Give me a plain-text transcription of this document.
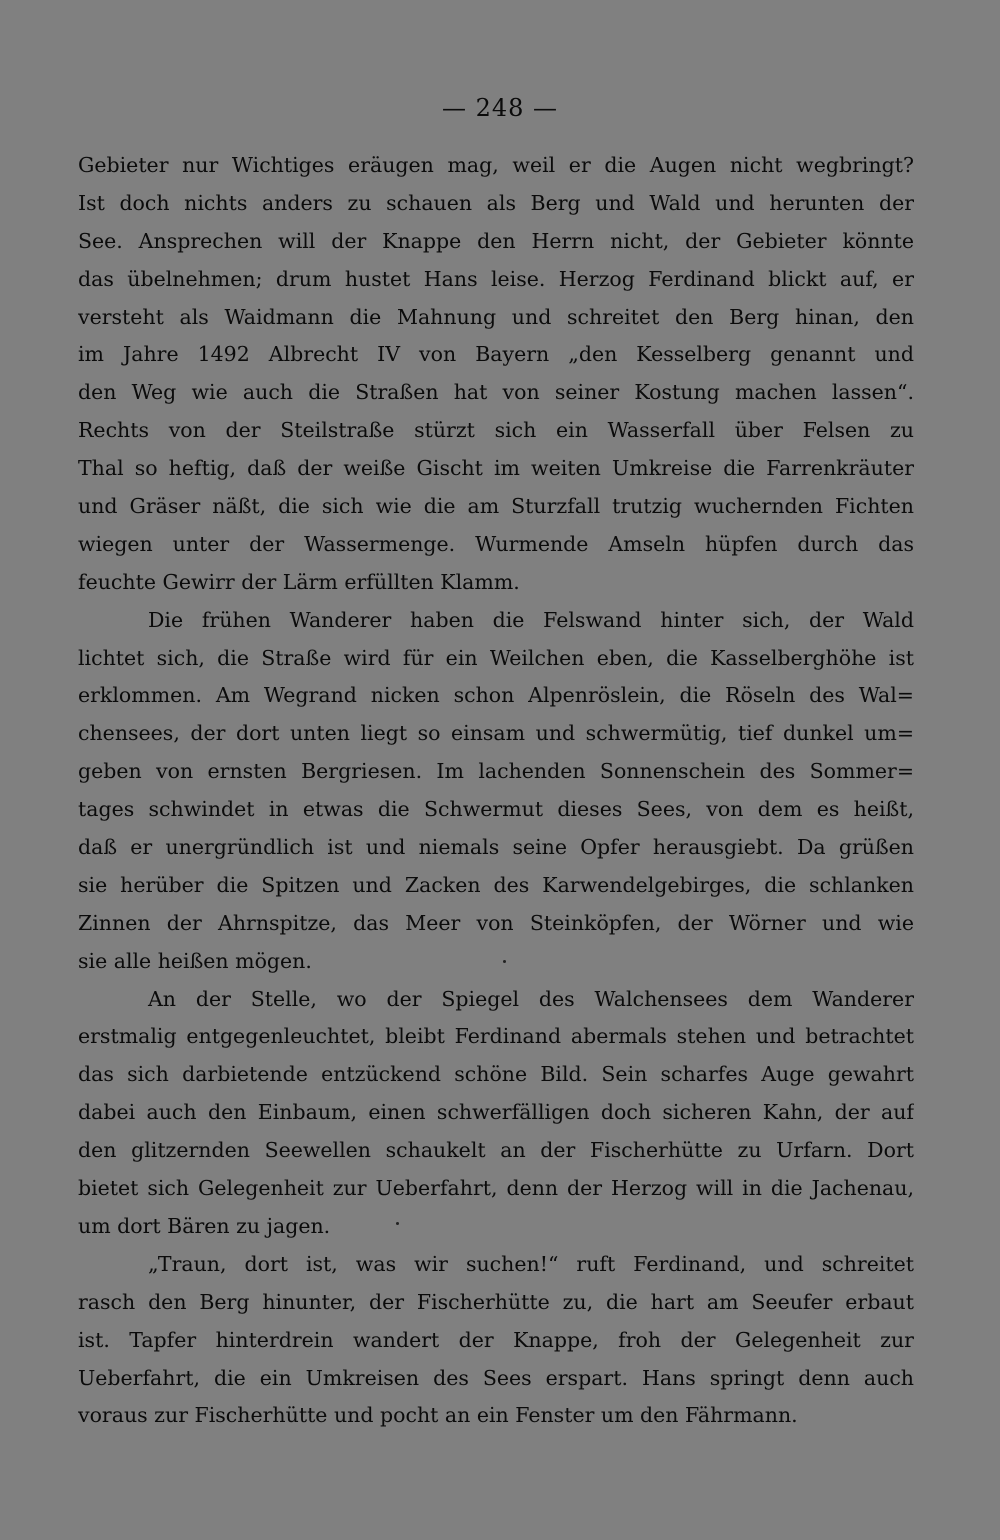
— 248 —
Gebieter nur Wichtiges eräugen mag, weil er die Augen nicht wegbringt?
Ist doch nichts anders zu schauen als Berg und Wald und herunten der
See. Ansprechen will der Knappe den Herrn nicht, der Gebieter könnte
das übelnehmen; drum hustet Hans leise. Herzog Ferdinand blickt auf, er
versteht als Waidmann die Mahnung und schreitet den Berg hinan, den
im Jahre 1492 Albrecht IV von Bayern „den Kesselberg genannt und
den Weg wie auch die Straßen hat von seiner Kostung machen lassen“.
Rechts von der Steilstraße stürzt sich ein Wasserfall über Felsen zu
Thal so heftig, daß der weiße Gischt im weiten Umkreise die Farrenkräuter
und Gräser näßt, die sich wie die am Sturzfall trutzig wuchernden Fichten
wiegen unter der Wassermenge. Wurmende Amseln hüpfen durch das
feuchte Gewirr der Lärm erfüllten Klamm.
Die frühen Wanderer haben die Felswand hinter sich, der Wald
lichtet sich, die Straße wird für ein Weilchen eben, die Kasselberghöhe ist
erklommen. Am Wegrand nicken schon Alpenröslein, die Röseln des Wal=
chensees, der dort unten liegt so einsam und schwermütig, tief dunkel um=
geben von ernsten Bergriesen. Im lachenden Sonnenschein des Sommer=
tages schwindet in etwas die Schwermut dieses Sees, von dem es heißt,
daß er unergründlich ist und niemals seine Opfer herausgiebt. Da grüßen
sie herüber die Spitzen und Zacken des Karwendelgebirges, die schlanken
Zinnen der Ahrnspitze, das Meer von Steinköpfen, der Wörner und wie
sie alle heißen mögen.
An der Stelle, wo der Spiegel des Walchensees dem Wanderer
erstmalig entgegenleuchtet, bleibt Ferdinand abermals stehen und betrachtet
das sich darbietende entzückend schöne Bild. Sein scharfes Auge gewahrt
dabei auch den Einbaum, einen schwerfälligen doch sicheren Kahn, der auf
den glitzernden Seewellen schaukelt an der Fischerhütte zu Urfarn. Dort
bietet sich Gelegenheit zur Ueberfahrt, denn der Herzog will in die Jachenau,
um dort Bären zu jagen.
„Traun, dort ist, was wir suchen!“ ruft Ferdinand, und schreitet
rasch den Berg hinunter, der Fischerhütte zu, die hart am Seeufer erbaut
ist. Tapfer hinterdrein wandert der Knappe, froh der Gelegenheit zur
Ueberfahrt, die ein Umkreisen des Sees erspart. Hans springt denn auch
voraus zur Fischerhütte und pocht an ein Fenster um den Fährmann.
